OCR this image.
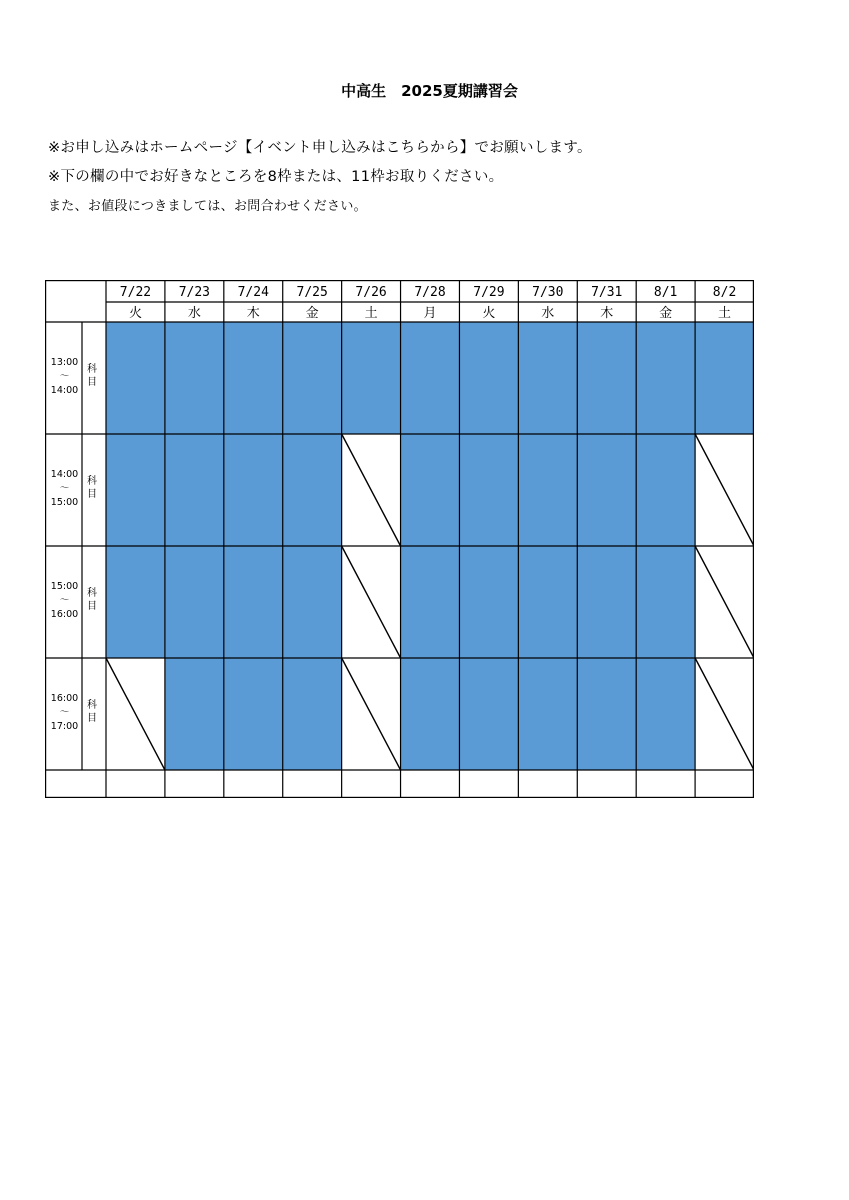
中高生　2025夏期講習会
※お申し込みはホームページ【イベント申し込みはこちらから】でお願いします。
※下の欄の中でお好きなところを8枠または、11枠お取りください。
また、お値段につきましては、お問合わせください。
7/22
火
7/23
水
7/24
木
7/25
金
7/26
土
7/28
月
7/29
火
7/30
水
7/31
木
8/1
金
8/2
土
13:00
～
14:00
科
目
14:00
～
15:00
科
目
15:00
～
16:00
科
目
16:00
～
17:00
科
目
